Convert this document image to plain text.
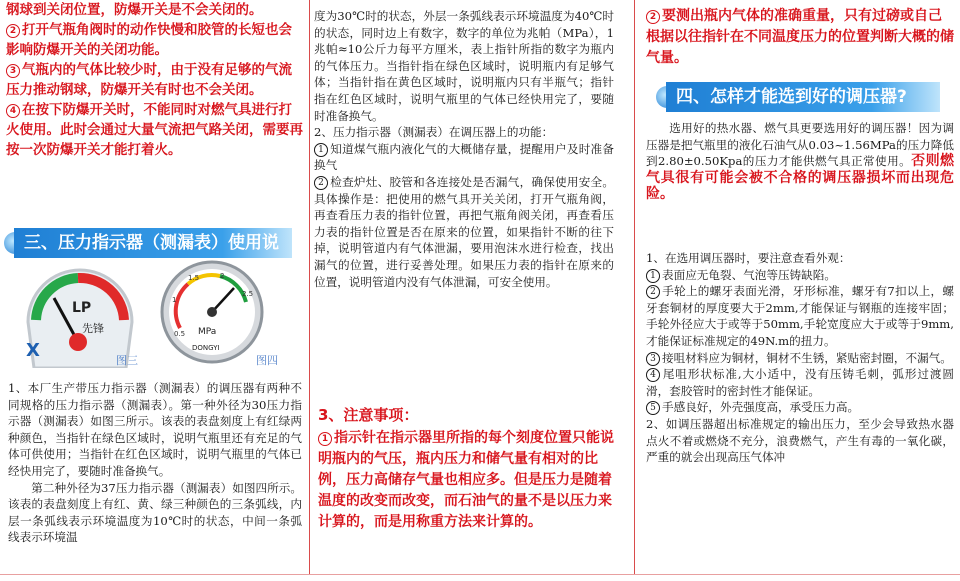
钢球到关闭位置，防爆开关是不会关闭的。

2 打开气瓶角阀时的动作快慢和胶管的长短也会影响防爆开关的关闭功能。

3 气瓶内的气体比较少时，由于没有足够的气流压力推动钢球，防爆开关有时也不会关闭。

4 在按下防爆开关时，不能同时对燃气具进行打火使用。此时会通过大量气流把气路关闭，需要再按一次防爆开关才能打着火。

三、压力指示器（测漏表）使用说明
LP
先锋
X	图三
0.5
1
1.5	2
2.5
MPa
DONGYI
图四

1、本厂生产带压力指示器（测漏表）的调压器有两种不同规格的压力指示器（测漏表）。第一种外径为30压力指示器（测漏表）如图三所示。该表的表盘刻度上有红绿两种颜色，当指针在绿色区域时，说明气瓶里还有充足的气体可供使用；当指针在红色区域时，说明气瓶里的气体已经快用完了，要随时准备换气。

第二种外径为37压力指示器（测漏表）如图四所示。该表的表盘刻度上有红、黄、绿三种颜色的三条弧线，内层一条弧线表示环境温度为10℃时的状态，中间一条弧线表示环境温

度为30℃时的状态，外层一条弧线表示环境温度为40℃时的状态，同时边上有数字，数字的单位为兆帕（MPa），1兆帕≈10公斤力每平方厘米，表上指针所指的数字为瓶内的气体压力。当指针指在绿色区域时，说明瓶内有足够气体；当指针指在黄色区域时，说明瓶内只有半瓶气；指针指在红色区域时，说明气瓶里的气体已经快用完了，要随时准备换气。

2、压力指示器（测漏表）在调压器上的功能：

1 知道煤气瓶内液化气的大概储存量，提醒用户及时准备换气

2 检查炉灶、胶管和各连接处是否漏气，确保使用安全。具体操作是：把使用的燃气具开关关闭，打开气瓶角阀，再查看压力表的指针位置，再把气瓶角阀关闭，再查看压力表的指针位置是否在原来的位置，如果指针不断的往下掉，说明管道内有气体泄漏，要用泡沫水进行检查，找出漏气的位置，进行妥善处理。如果压力表的指针在原来的位置，说明管道内没有气体泄漏，可安全使用。

3、注意事项：

1 指示针在指示器里所指的每个刻度位置只能说明瓶内的气压，瓶内压力和储气量有相对的比例，压力高储存气量也相应多。但是压力是随着温度的改变而改变，而石油气的量不是以压力来计算的，而是用称重方法来计算的。

2 要测出瓶内气体的准确重量，只有过磅或自己根据以往指针在不同温度压力的位置判断大概的储气量。

四、怎样才能选到好的调压器?

选用好的热水器、燃气具更要选用好的调压器！因为调压器是把气瓶里的液化石油气从0.03~1.56MPa的压力降低到2.80±0.50Kpa的压力才能供燃气具正常使用。否则燃气具很有可能会被不合格的调压器损坏而出现危险。

1、在选用调压器时，要注意查看外观：

1 表面应无龟裂、气泡等压铸缺陷。

2 手轮上的螺牙表面光滑，牙形标准，螺牙有7扣以上，螺牙套铜材的厚度要大于2mm,才能保证与钢瓶的连接牢固；手轮外径应大于或等于50mm,手轮宽度应大于或等于9mm,才能保证标准规定的49N.m的扭力。

3 接咀材料应为铜材，铜材不生锈，紧贴密封圈，不漏气。

4 尾咀形状标准,大小适中，没有压铸毛刺，弧形过渡圆滑，套胶管时的密封性才能保证。

5 手感良好，外壳强度高，承受压力高。

2、如调压器超出标准规定的输出压力，至少会导致热水器点火不着或燃烧不充分，浪费燃气，产生有毒的一氧化碳，严重的就会出现高压气体冲
